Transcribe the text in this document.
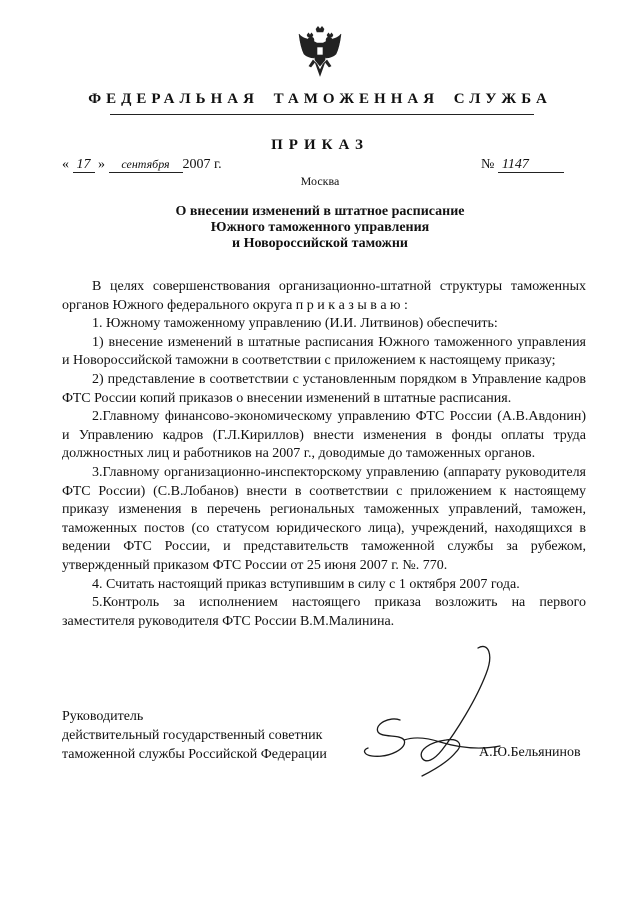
ФЕДЕРАЛЬНАЯ ТАМОЖЕННАЯ СЛУЖБА
ПРИКАЗ
« 17 » сентября 2007 г.	№ 1147
Москва
О внесении изменений в штатное расписание
Южного таможенного управления
и Новороссийской таможни

В целях совершенствования организационно-штатной структуры таможенных органов Южного федерального округа п р и к а з ы в а ю :

1. Южному таможенному управлению (И.И. Литвинов) обеспечить:

1) внесение изменений в штатные расписания Южного таможенного управления и Новороссийской таможни в соответствии с приложением к настоящему приказу;

2) представление в соответствии с установленным порядком в Управление кадров ФТС России копий приказов о внесении изменений в штатные расписания.

2.Главному финансово-экономическому управлению ФТС России (А.В.Авдонин) и Управлению кадров (Г.Л.Кириллов) внести изменения в фонды оплаты труда должностных лиц и работников на 2007 г., доводимые до таможенных органов.

3.Главному организационно-инспекторскому управлению (аппарату руководителя ФТС России) (С.В.Лобанов) внести в соответствии с приложением к настоящему приказу изменения в перечень региональных таможенных управлений, таможен, таможенных постов (со статусом юридического лица), учреждений, находящихся в ведении ФТС России, и представительств таможенной службы за рубежом, утвержденный приказом ФТС России от 25 июня 2007 г. №. 770.

4. Считать настоящий приказ вступившим в силу с 1 октября 2007 года.

5.Контроль за исполнением настоящего приказа возложить на первого заместителя руководителя ФТС России В.М.Малинина.

Руководитель
действительный государственный советник
таможенной службы Российской Федерации	А.Ю.Бельянинов
